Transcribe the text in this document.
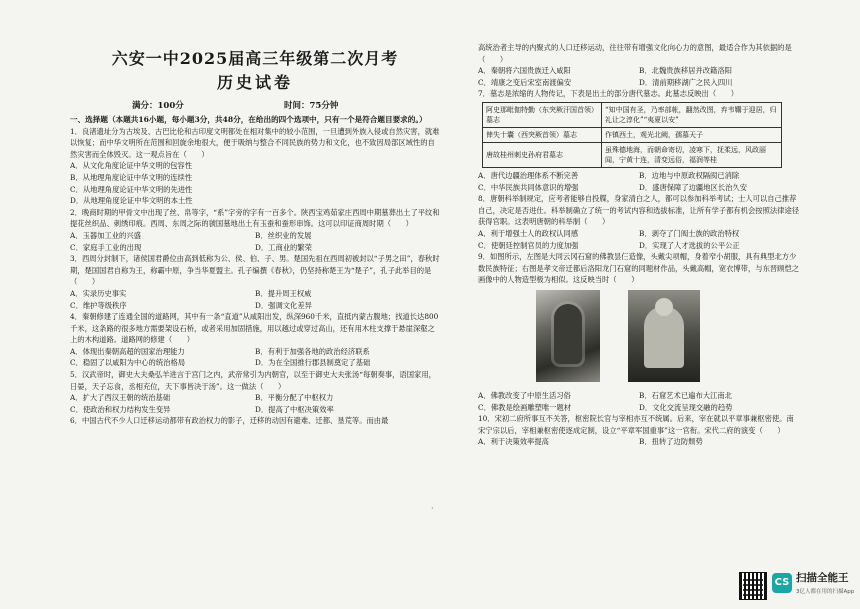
六安一中2025届高三年级第二次月考
历史试卷
满分：100分	时间：75分钟

一、选择题（本题共16小题，每小题3分，共48分，在给出的四个选项中，只有一个是符合题目要求的。）

1．良渚遗址分为古埃及、古巴比伦和古印度文明都处在相对集中的较小范围，一旦遭到外族入侵或自然灾害，就难以恢复；而中华文明所在范围和回旋余地很大，便于吸纳与整合不同民族的势力和文化，也不致因局部区域性的自然灾害而全体毁灭。这一观点旨在（　　）

A．从文化角度论证中华文明的包容性
B．从地理角度论证中华文明的连续性
C．从地理角度论证中华文明的先进性
D．从地理角度论证中华文明的本土性

2．晚商时期的甲骨文中出现了丝、帛等字，“系”字旁的字有一百多个。陕西宝鸡茹家庄西周中期墓葬出土了平纹和提花丝织品、刺绣印痕。西周、东周之际的虢国墓地出土有玉蚕和蚕形串饰。这可以印证商周时期（　　）

A．玉器加工业的兴盛	B．丝织业的发展
C．家庭手工业的出现	D．工商业的繁荣

3．西周分封制下，诸侯国君爵位由高到低称为公、侯、伯、子、男。楚国先祖在西周初被封以“子男之田”，春秋时期，楚国国君自称为王，称霸中原，争当华夏盟主。孔子编撰《春秋》，仍坚持称楚王为“楚子”，孔子此举目的是（　　）

A．实录历史事实	B．提升周王权威
C．维护等级秩序	D．强调文化差异

4．秦朝修建了连通全国的道路网，其中有一条“直道”从咸阳出发，纵深960千米，直抵内蒙古腹地；找道长达800千米，这条路的很多地方需要架设石桥，或者采用加固措施，用以越过或穿过高山，还有用木柱支撑于悬崖深壑之上的木构道路。道路网的修建（　　）

A．体现出秦朝高超的国家治理能力	B．有利于加强各地的政治经济联系
C．稳固了以咸阳为中心的统治格局	D．为在全国推行郡县制奠定了基础

5．汉武帝时，御史大夫桑弘羊进言于宫门之内，武帝常引为内朝官，以至于御史大夫张汤“每朝奏事，语国家用，日晏，天子忘食，丞相充位，天下事皆决于汤”。这一做法（　　）

A．扩大了西汉王朝的统治基础	B．平衡分配了中枢权力
C．使政治和权力结构发生变异	D．提高了中枢决策效率

6．中国古代不少人口迁移运动都带有政治权力的影子，迁移的动因有避难、迁都、垦荒等。而由最

高统治者主导的内聚式的人口迁移运动，往往带有增强文化向心力的意图，最适合作为其依据的是（　　）

A．秦朝将六国贵族迁入咸阳	B．北魏贵族移居并改籍洛阳
C．靖康之变后宋室南渡偏安	D．清前期移湖广之民入四川

7．墓志是浓缩的人物传记，下表是出土的部分唐代墓志。此墓志反映出（　　）

阿史那毗伽特勤（东突厥汗国首领）墓志	“知中国有圣，乃率部帐，翻然改图，弃韦鞲于迎居，归礼让之淳化”“夷夏以安”
俾失十囊（西突厥首领）墓志	作镇西土，观光北阙，孺慕天子
唐故桂州刺史孙府君墓志	虽殊德地海，而朝命寄切，凌寒下，抚柔远，风政丽闻，宁黄十连，清变远俗，福润等桂
A．唐代边疆治理体系不断完善	B．边地与中原政权隔阂已消除
C．中华民族共同体意识的增强	D．盛唐保障了边疆地区长治久安

8．唐朝科举制规定，应考者能够自投牒，身家清白之人，都可以参加科举考试；士人可以自己推荐自己，决定是否进仕。科举制确立了统一的考试内容和选拔标准，让所有学子都有机会按照法律途径获得官职。这表明唐朝的科举制（　　）

A．利于增强士人的政权认同感	B．剥夺了门阀士族的政治特权
C．使朝廷控制官员的力度加强	D．实现了人才选拔的公平公正

9．如图所示，左图是大同云冈石窟的佛教昙仨造像，头戴尖项帽，身着窄小胡服，具有典型北方少数民族特征；右图是孝文帝迁都后洛阳龙门石窟的同题材作品，头戴高帽，宽衣博带，与东晋顾恺之画像中的人物造型极为相似。这反映当时（　　）

A．佛教改变了中原生活习俗	B．石窟艺术已遍布大江南北
C．佛教是绘画雕塑唯一题材	D．文化交流呈现交融的趋势

10．宋初二府所事互不关答，枢密院长官与宰相亦互不统属。后来，宰在就以平章事兼枢密使。南宋宁宗以后，宰相兼枢密使逐成定制，设立“平章军国重事”这一官衔。宋代二府的演变（　　）

A．利于决策效率提高	B．扭转了边防颓势
·
CS 扫描全能王
3亿人都在用的扫描App
